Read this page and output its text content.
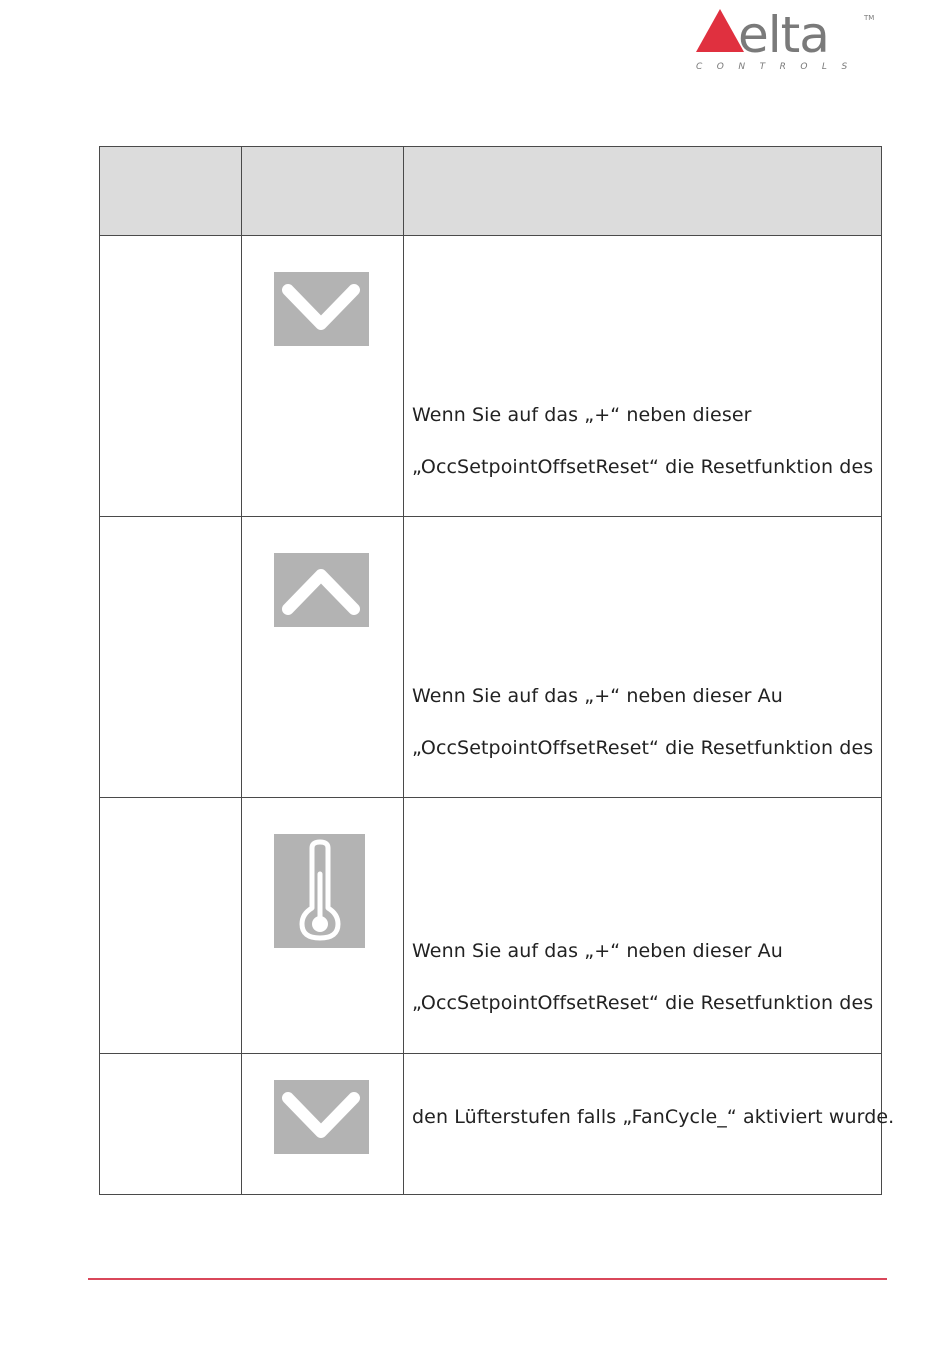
elta	TM
CONTROLS

Wenn Sie auf das „+“ neben dieser
„OccSetpointOffsetReset“ die Resetfunktion des

Wenn Sie auf das „+“ neben dieser Au
„OccSetpointOffsetReset“ die Resetfunktion des

Wenn Sie auf das „+“ neben dieser Au
„OccSetpointOffsetReset“ die Resetfunktion des

den Lüfterstufen falls „FanCycle_“ aktiviert wurde.
